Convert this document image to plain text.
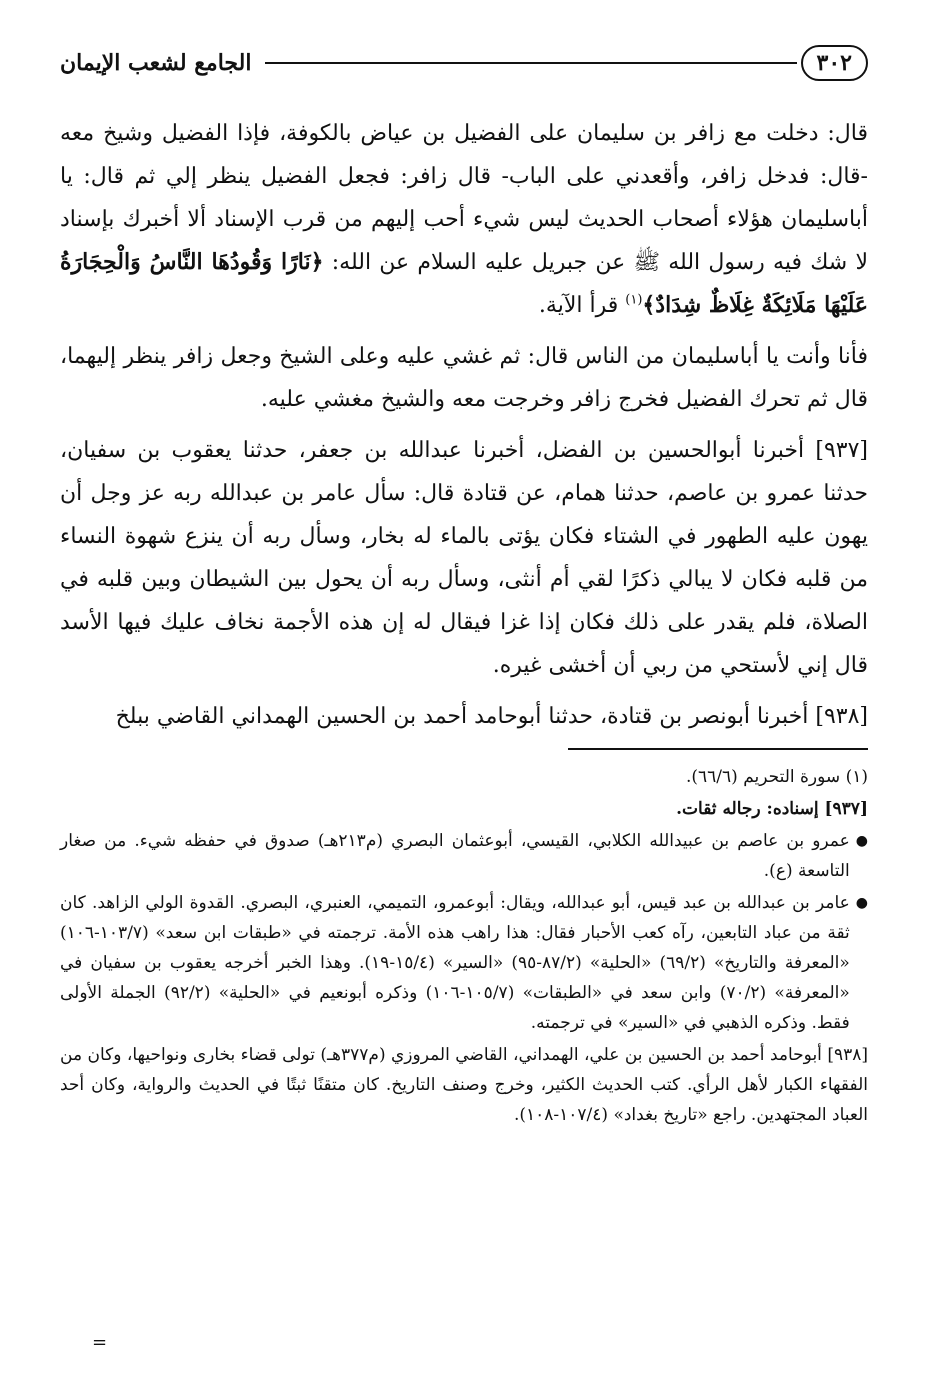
٣٠٢
الجامع لشعب الإيمان

قال: دخلت مع زافر بن سليمان على الفضيل بن عياض بالكوفة، فإذا الفضيل وشيخ معه -قال: فدخل زافر، وأقعدني على الباب- قال زافر: فجعل الفضيل ينظر إلي ثم قال: يا أباسليمان هؤلاء أصحاب الحديث ليس شيء أحب إليهم من قرب الإسناد ألا أخبرك بإسناد لا شك فيه رسول الله ﷺ عن جبريل عليه السلام عن الله: ﴿نَارًا وَقُودُهَا النَّاسُ وَالْحِجَارَةُ عَلَيْهَا مَلَائِكَةٌ غِلَاظٌ شِدَادٌ﴾$^{(١)}$ قرأ الآية.

فأنا وأنت يا أباسليمان من الناس قال: ثم غشي عليه وعلى الشيخ وجعل زافر ينظر إليهما، قال ثم تحرك الفضيل فخرج زافر وخرجت معه والشيخ مغشي عليه.

[٩٣٧] أخبرنا أبوالحسين بن الفضل، أخبرنا عبدالله بن جعفر، حدثنا يعقوب بن سفيان، حدثنا عمرو بن عاصم، حدثنا همام، عن قتادة قال: سأل عامر بن عبدالله ربه عز وجل أن يهون عليه الطهور في الشتاء فكان يؤتى بالماء له بخار، وسأل ربه أن ينزع شهوة النساء من قلبه فكان لا يبالي ذكرًا لقي أم أنثى، وسأل ربه أن يحول بين الشيطان وبين قلبه في الصلاة، فلم يقدر على ذلك فكان إذا غزا فيقال له إن هذه الأجمة نخاف عليك فيها الأسد قال إني لأستحي من ربي أن أخشى غيره.

[٩٣٨] أخبرنا أبونصر بن قتادة، حدثنا أبوحامد أحمد بن الحسين الهمداني القاضي ببلخ

(١) سورة التحريم (٦٦/٦).

[٩٣٧] إسناده: رجاله ثقات.

●
عمرو بن عاصم بن عبيدالله الكلابي، القيسي، أبوعثمان البصري (م٢١٣هـ) صدوق في حفظه شيء. من صغار التاسعة (ع).
●
عامر بن عبدالله بن عبد قيس، أبو عبدالله، ويقال: أبوعمرو، التميمي، العنبري، البصري. القدوة الولي الزاهد. كان ثقة من عباد التابعين، رآه كعب الأحبار فقال: هذا راهب هذه الأمة. ترجمته في «طبقات ابن سعد» (١٠٣/٧-١٠٦) «المعرفة والتاريخ» (٦٩/٢) «الحلية» (٨٧/٢-٩٥) «السير» (١٥/٤-١٩). وهذا الخبر أخرجه يعقوب بن سفيان في «المعرفة» (٧٠/٢) وابن سعد في «الطبقات» (١٠٥/٧-١٠٦) وذكره أبونعيم في «الحلية» (٩٢/٢) الجملة الأولى فقط. وذكره الذهبي في «السير» في ترجمته.

[٩٣٨] أبوحامد أحمد بن الحسين بن علي، الهمداني، القاضي المروزي (م٣٧٧هـ) تولى قضاء بخارى ونواحيها، وكان من الفقهاء الكبار لأهل الرأي. كتب الحديث الكثير، وخرج وصنف التاريخ. كان متقنًا ثبتًا في الحديث والرواية، وكان أحد العباد المجتهدين. راجع «تاريخ بغداد» (١٠٧/٤-١٠٨).

=
